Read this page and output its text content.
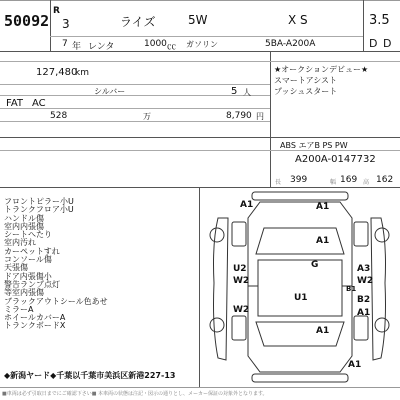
50092
R
3	ライズ	5W	X S	3.5
7 年 レンタ	1000 ㏄ ガソリン	5BA-A200A	D D
127,480
km
シルバー	5 人
FAT AC
528	万	8,790 円
★オークションデビュー★
スマートアシスト
プッシュスタート
ABS エアB PS PW
A200A-0147732
長 399	幅 169 高 162
フロントピラー小U
トランクフロア小U
ハンドル傷
室内内張傷
シートへたり
室内汚れ
カーペットすれ
コンソール傷
天張傷
ドア内張傷小
警告ランプ点灯
等室内張傷
ブラックアウトシール色あせ
ミラーA
ホイールカバーA
トランクボードX
◆新潟ヤード◆千葉以千葉市美浜区新港227-13
A1	A1
A1
G
U2
W2
U1
A3
W2
B2
W2	A1
A1
A1
B1
■車両は必ず引取日までにご確認下さい■ 本車両の状態は注記・図示の通りとし、メーカー保証の対象外となります。
